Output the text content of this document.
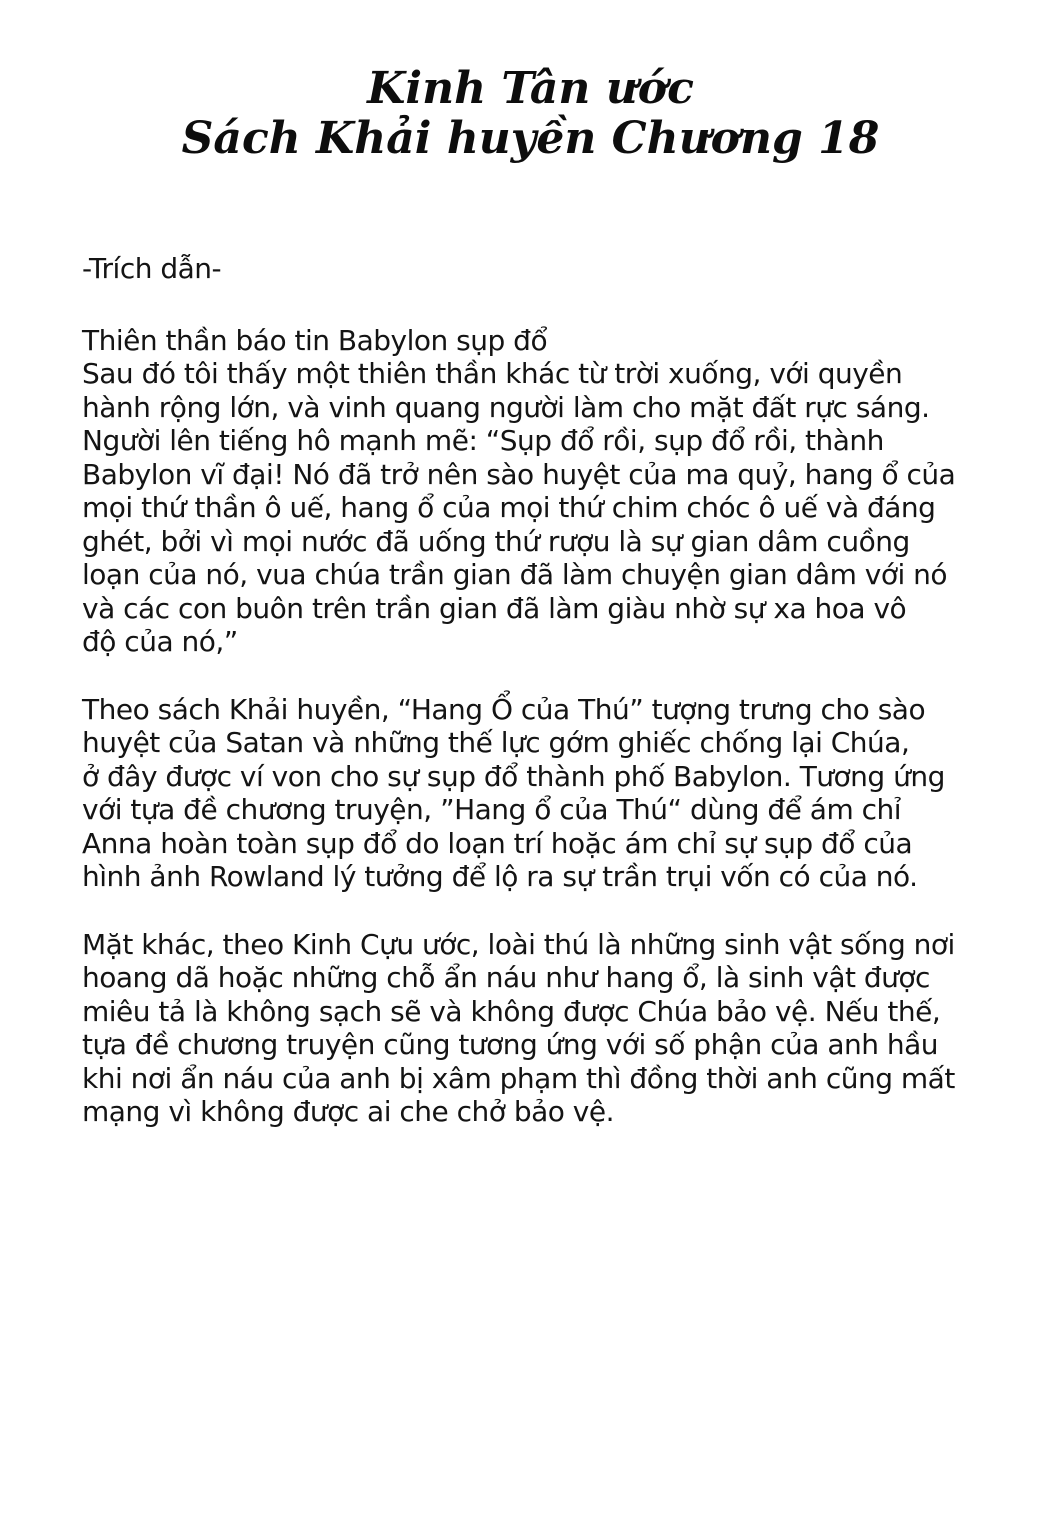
Kinh Tân ước
Sách Khải huyền Chương 18
-Trích dẫn-
Thiên thần báo tin Babylon sụp đổ
Sau đó tôi thấy một thiên thần khác từ trời xuống, với quyền
hành rộng lớn, và vinh quang người làm cho mặt đất rực sáng.
Người lên tiếng hô mạnh mẽ: “Sụp đổ rồi, sụp đổ rồi, thành
Babylon vĩ đại! Nó đã trở nên sào huyệt của ma quỷ, hang ổ của
mọi thứ thần ô uế, hang ổ của mọi thứ chim chóc ô uế và đáng
ghét, bởi vì mọi nước đã uống thứ rượu là sự gian dâm cuồng
loạn của nó, vua chúa trần gian đã làm chuyện gian dâm với nó
và các con buôn trên trần gian đã làm giàu nhờ sự xa hoa vô
độ của nó,”
Theo sách Khải huyền, “Hang Ổ của Thú” tượng trưng cho sào
huyệt của Satan và những thế lực gớm ghiếc chống lại Chúa,
ở đây được ví von cho sự sụp đổ thành phố Babylon. Tương ứng
với tựa đề chương truyện, ”Hang ổ của Thú“ dùng để ám chỉ
Anna hoàn toàn sụp đổ do loạn trí hoặc ám chỉ sự sụp đổ của
hình ảnh Rowland lý tưởng để lộ ra sự trần trụi vốn có của nó.
Mặt khác, theo Kinh Cựu ước, loài thú là những sinh vật sống nơi
hoang dã hoặc những chỗ ẩn náu như hang ổ, là sinh vật được
miêu tả là không sạch sẽ và không được Chúa bảo vệ. Nếu thế,
tựa đề chương truyện cũng tương ứng với số phận của anh hầu
khi nơi ẩn náu của anh bị xâm phạm thì đồng thời anh cũng mất
mạng vì không được ai che chở bảo vệ.
